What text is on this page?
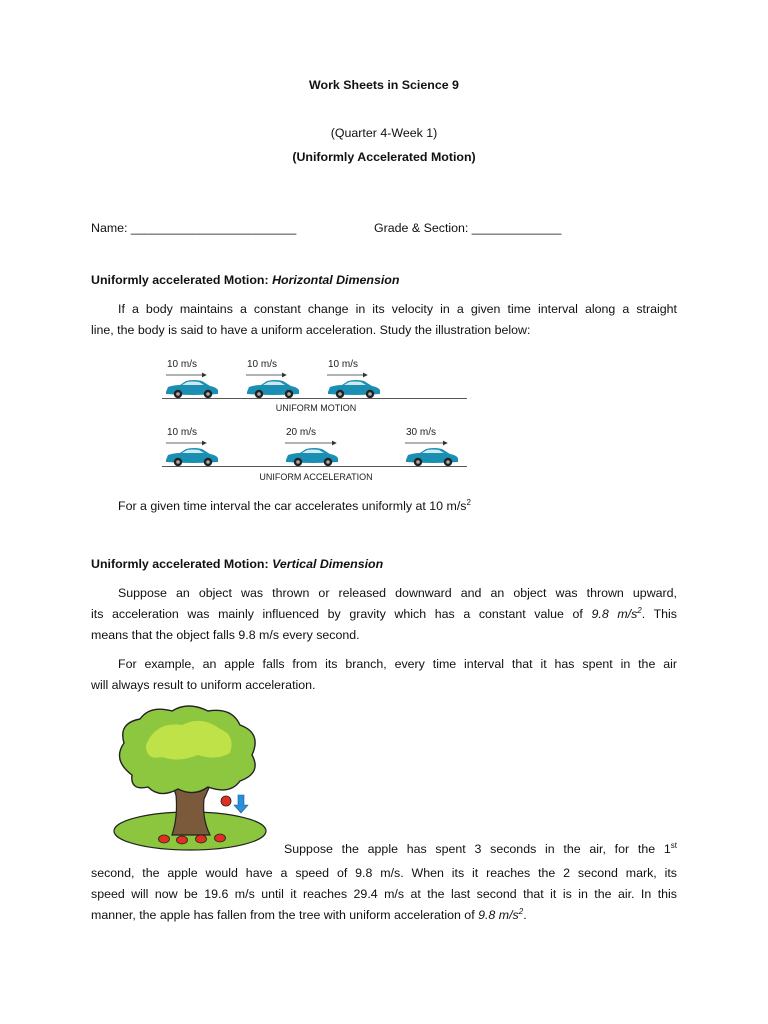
Work Sheets in Science 9
(Quarter 4-Week 1)
(Uniformly Accelerated Motion)
Name: ________________________	Grade & Section: _____________
Uniformly accelerated Motion: Horizontal Dimension
If a body maintains a constant change in its velocity in a given time interval along a straight
line, the body is said to have a uniform acceleration. Study the illustration below:
10 m/s	10 m/s	10 m/s
UNIFORM MOTION
10 m/s	20 m/s	30 m/s
UNIFORM ACCELERATION
For a given time interval the car accelerates uniformly at 10 $m/s^2$
Uniformly accelerated Motion: Vertical Dimension
Suppose an object was thrown or released downward and an object was thrown upward,
its acceleration was mainly influenced by gravity which has a constant value of 9.8 $m/s^2$. This
means that the object falls 9.8 m/s every second.
For example, an apple falls from its branch, every time interval that it has spent in the air
will always result to uniform acceleration.
Suppose the apple has spent 3 seconds in the air, for the 1st
second, the apple would have a speed of 9.8 m/s. When its it reaches the 2 second mark, its
speed will now be 19.6 m/s until it reaches 29.4 m/s at the last second that it is in the air. In this
manner, the apple has fallen from the tree with uniform acceleration of 9.8 $m/s^2$.
